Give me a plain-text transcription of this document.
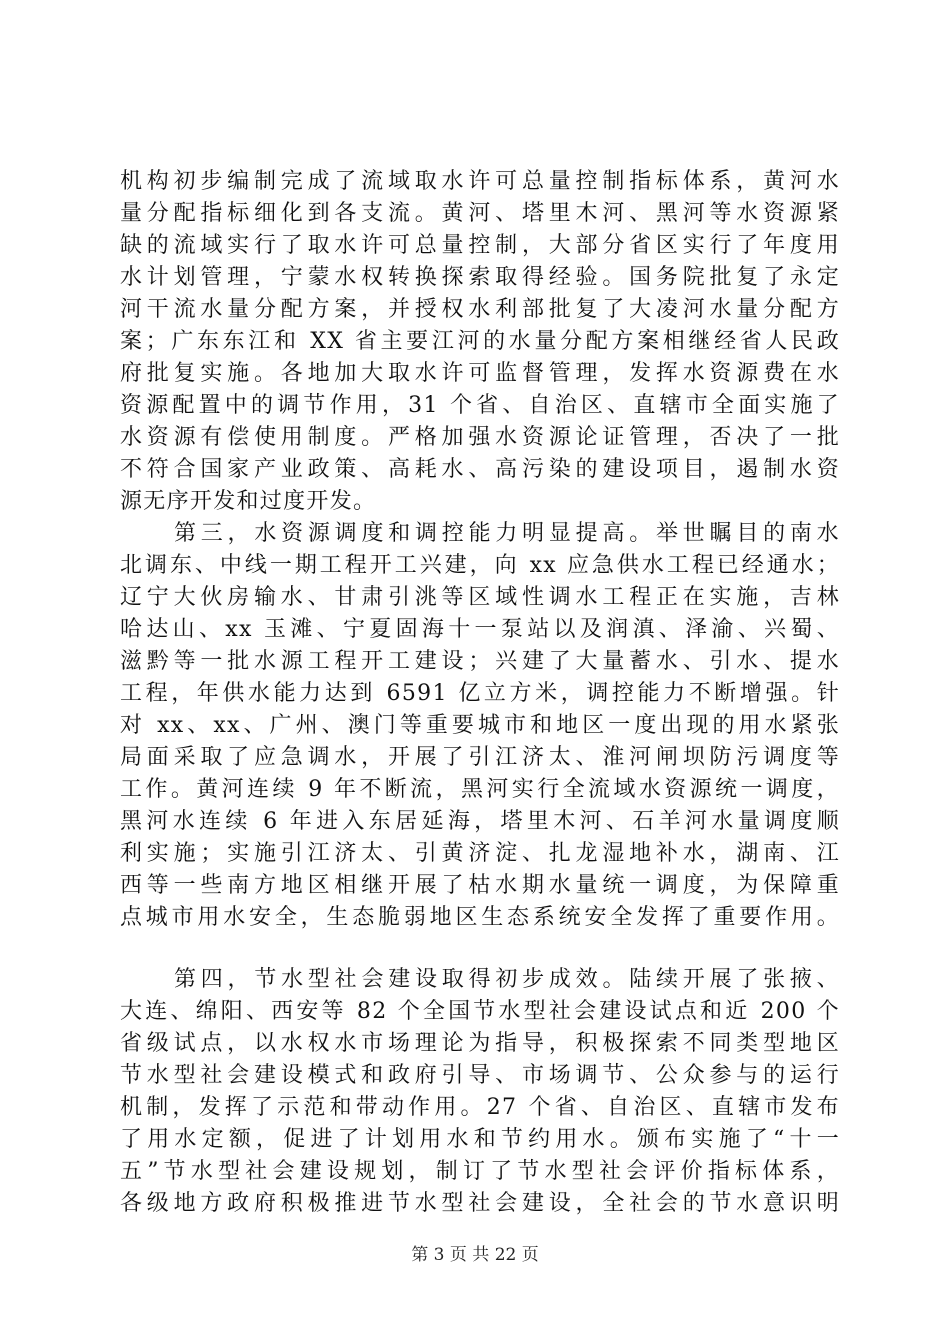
机构初步编制完成了流域取水许可总量控制指标体系，黄河水
量分配指标细化到各支流。黄河、塔里木河、黑河等水资源紧
缺的流域实行了取水许可总量控制，大部分省区实行了年度用
水计划管理，宁蒙水权转换探索取得经验。国务院批复了永定
河干流水量分配方案，并授权水利部批复了大凌河水量分配方
案；广东东江和 XX 省主要江河的水量分配方案相继经省人民政
府批复实施。各地加大取水许可监督管理，发挥水资源费在水
资源配置中的调节作用，31 个省、自治区、直辖市全面实施了
水资源有偿使用制度。严格加强水资源论证管理，否决了一批
不符合国家产业政策、高耗水、高污染的建设项目，遏制水资
源无序开发和过度开发。
第三，水资源调度和调控能力明显提高。举世瞩目的南水
北调东、中线一期工程开工兴建，向 xx 应急供水工程已经通水；
辽宁大伙房输水、甘肃引洮等区域性调水工程正在实施，吉林
哈达山、xx 玉滩、宁夏固海十一泵站以及润滇、泽渝、兴蜀、
滋黔等一批水源工程开工建设；兴建了大量蓄水、引水、提水
工程，年供水能力达到 6591 亿立方米，调控能力不断增强。针
对 xx、xx、广州、澳门等重要城市和地区一度出现的用水紧张
局面采取了应急调水，开展了引江济太、淮河闸坝防污调度等
工作。黄河连续 9 年不断流，黑河实行全流域水资源统一调度，
黑河水连续 6 年进入东居延海，塔里木河、石羊河水量调度顺
利实施；实施引江济太、引黄济淀、扎龙湿地补水，湖南、江
西等一些南方地区相继开展了枯水期水量统一调度，为保障重
点城市用水安全，生态脆弱地区生态系统安全发挥了重要作用。
第四，节水型社会建设取得初步成效。陆续开展了张掖、
大连、绵阳、西安等 82 个全国节水型社会建设试点和近 200 个
省级试点，以水权水市场理论为指导，积极探索不同类型地区
节水型社会建设模式和政府引导、市场调节、公众参与的运行
机制，发挥了示范和带动作用。27 个省、自治区、直辖市发布
了用水定额，促进了计划用水和节约用水。颁布实施了“十一
五”节水型社会建设规划，制订了节水型社会评价指标体系，
各级地方政府积极推进节水型社会建设，全社会的节水意识明
第 3 页 共 22 页
